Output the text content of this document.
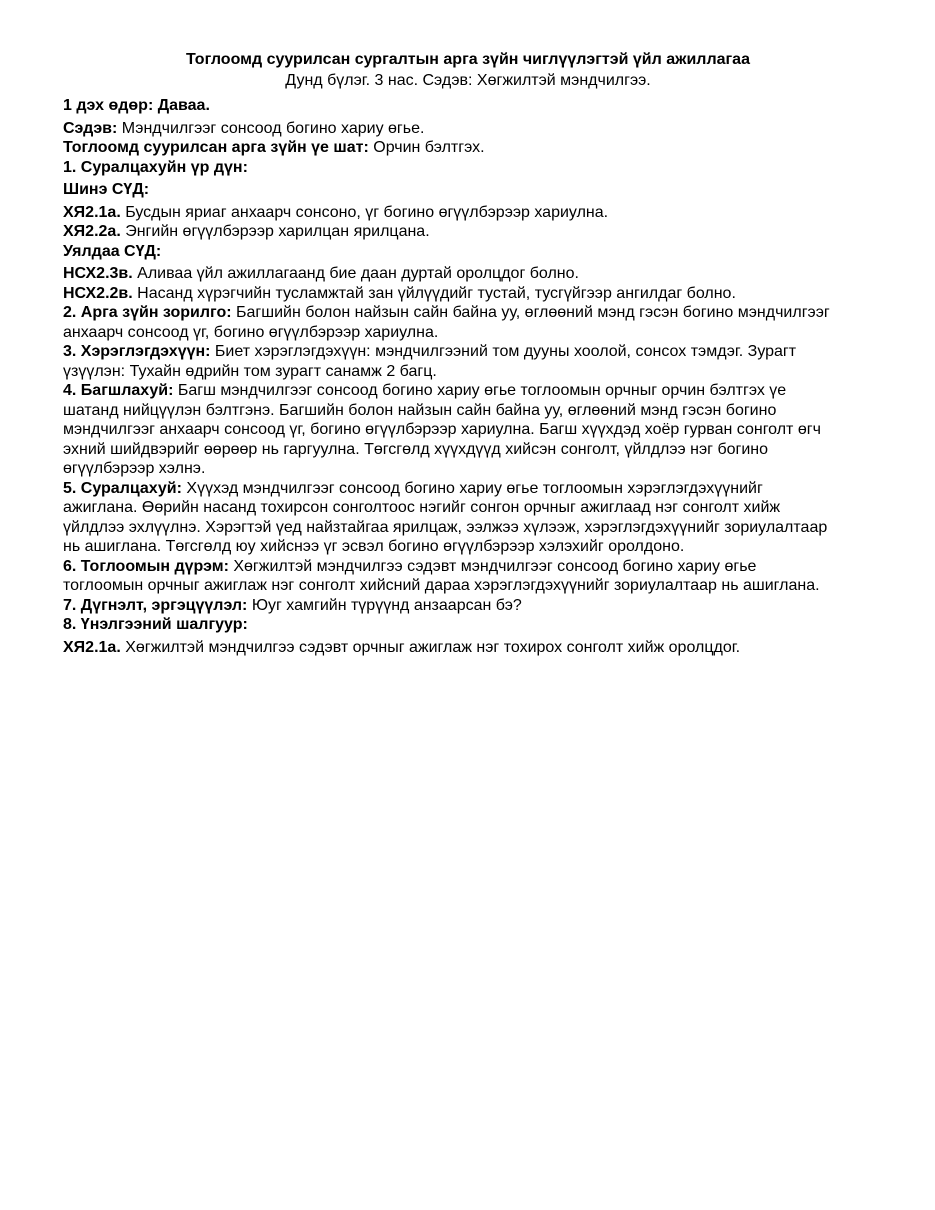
Тоглоомд суурилсан сургалтын арга зүйн чиглүүлэгтэй үйл ажиллагаа

Дунд бүлэг. 3 нас. Сэдэв: Хөгжилтэй мэндчилгээ.

1 дэх өдөр: Даваа.

Сэдэв: Мэндчилгээг сонсоод богино хариу өгье.

Тоглоомд суурилсан арга зүйн үе шат: Орчин бэлтгэх.

1. Суралцахуйн үр дүн:

Шинэ СҮД:

ХЯ2.1а. Бусдын яриаг анхаарч сонсоно, үг богино өгүүлбэрээр хариулна.

ХЯ2.2а. Энгийн өгүүлбэрээр харилцан ярилцана.

Уялдаа СҮД:

НСХ2.3в. Аливаа үйл ажиллагаанд бие даан дуртай оролцдог болно.

НСХ2.2в. Насанд хүрэгчийн тусламжтай зан үйлүүдийг тустай, тусгүйгээр ангилдаг болно.

2. Арга зүйн зорилго: Багшийн болон найзын сайн байна уу, өглөөний мэнд гэсэн богино мэндчилгээг

анхаарч сонсоод үг, богино өгүүлбэрээр хариулна.

3. Хэрэглэгдэхүүн: Биет хэрэглэгдэхүүн: мэндчилгээний том дууны хоолой, сонсох тэмдэг. Зурагт

үзүүлэн: Тухайн өдрийн том зурагт санамж 2 багц.

4. Багшлахуй: Багш мэндчилгээг сонсоод богино хариу өгье тоглоомын орчныг орчин бэлтгэх үе

шатанд нийцүүлэн бэлтгэнэ. Багшийн болон найзын сайн байна уу, өглөөний мэнд гэсэн богино

мэндчилгээг анхаарч сонсоод үг, богино өгүүлбэрээр хариулна. Багш хүүхдэд хоёр гурван сонголт өгч

эхний шийдвэрийг өөрөөр нь гаргуулна. Төгсгөлд хүүхдүүд хийсэн сонголт, үйлдлээ нэг богино

өгүүлбэрээр хэлнэ.

5. Суралцахуй: Хүүхэд мэндчилгээг сонсоод богино хариу өгье тоглоомын хэрэглэгдэхүүнийг

ажиглана. Өөрийн насанд тохирсон сонголтоос нэгийг сонгон орчныг ажиглаад нэг сонголт хийж

үйлдлээ эхлүүлнэ. Хэрэгтэй үед найзтайгаа ярилцаж, ээлжээ хүлээж, хэрэглэгдэхүүнийг зориулалтаар

нь ашиглана. Төгсгөлд юу хийснээ үг эсвэл богино өгүүлбэрээр хэлэхийг оролдоно.

6. Тоглоомын дүрэм: Хөгжилтэй мэндчилгээ сэдэвт мэндчилгээг сонсоод богино хариу өгье

тоглоомын орчныг ажиглаж нэг сонголт хийсний дараа хэрэглэгдэхүүнийг зориулалтаар нь ашиглана.

7. Дүгнэлт, эргэцүүлэл: Юуг хамгийн түрүүнд анзаарсан бэ?

8. Үнэлгээний шалгуур:

ХЯ2.1а. Хөгжилтэй мэндчилгээ сэдэвт орчныг ажиглаж нэг тохирох сонголт хийж оролцдог.
